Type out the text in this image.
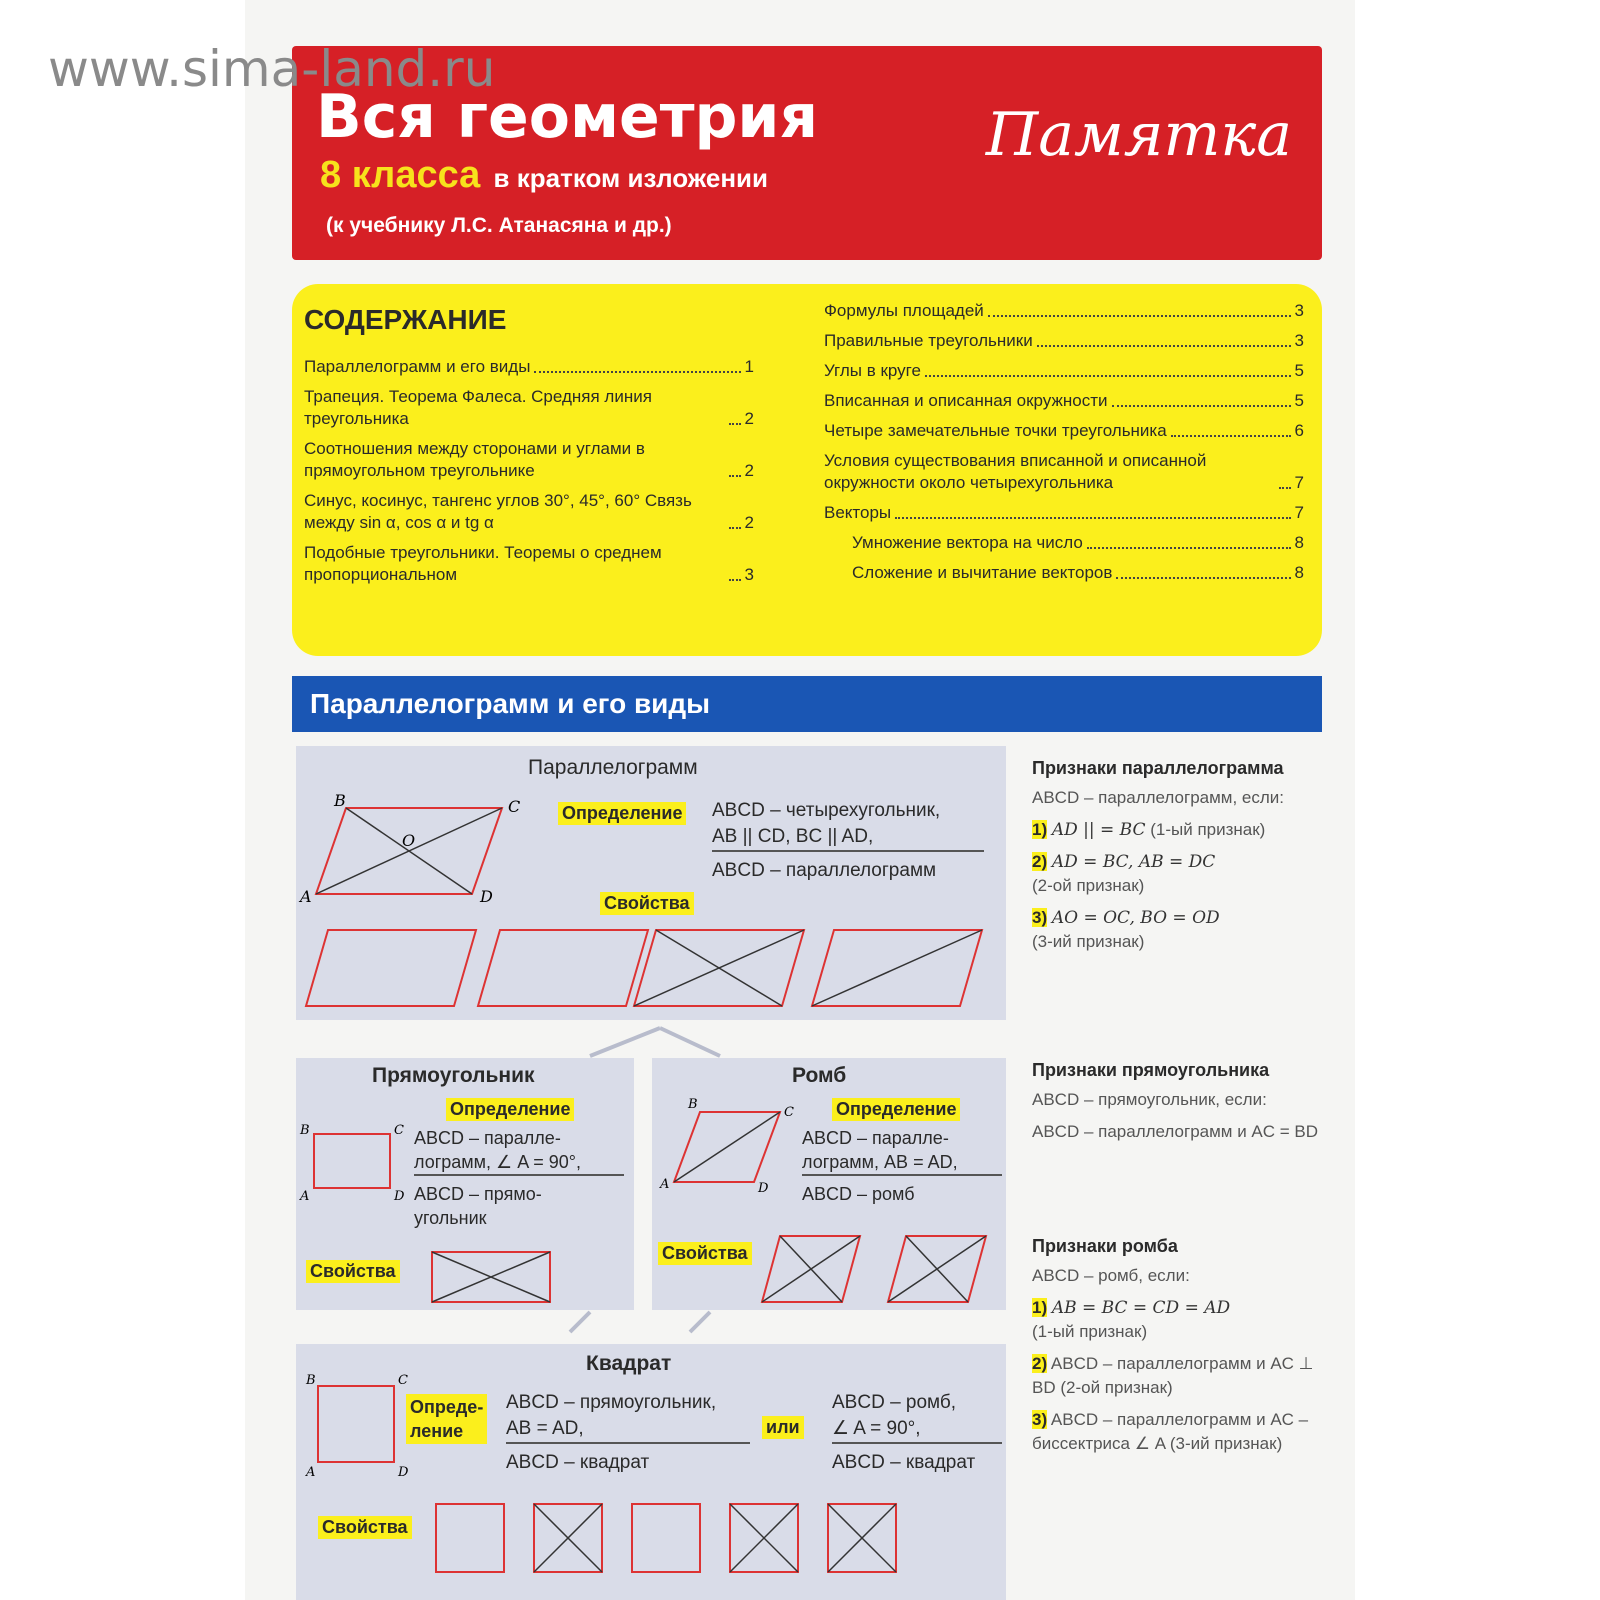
www.sima-land.ru
Вся геометрия
8 класса в кратком изложении
(к учебнику Л.С. Атанасяна и др.)
Памятка
СОДЕРЖАНИЕ
Параллелограмм и его виды	1
Трапеция. Теорема Фалеса. Средняя линия треугольника	2
Соотношения между сторонами и углами в прямоугольном треугольнике	2
Синус, косинус, тангенс углов 30°, 45°, 60° Связь между sin α, cos α и tg α	2
Подобные треугольники. Теоремы о среднем пропорциональном	3
Формулы площадей	3
Правильные треугольники	3
Углы в круге	5
Вписанная и описанная окружности	5
Четыре замечательные точки треугольника	6
Условия существования вписанной и описанной окружности около четырехугольника	7
Векторы	7
Умножение вектора на число	8
Сложение и вычитание векторов	8
Параллелограмм и его виды
Параллелограмм
B	C
A	D
O
Определение ABCD – четырехугольник,
AB || CD, BC || AD,
ABCD – параллелограмм
Свойства
Прямоугольник
B	C
A	D
Определение
ABCD – паралле-
лограмм, ∠ A = 90°,
ABCD – прямо-
угольник
Свойства
Ромб
B
C
A	D
Определение
ABCD – паралле-
лограмм, AB = AD,
ABCD – ромб
Свойства
Квадрат
B	C
A	D
Опреде-
ление
ABCD – прямоугольник,
AB = AD,
ABCD – квадрат
или
ABCD – ромб,
∠ A = 90°,
ABCD – квадрат
Свойства
Признаки параллелограмма

ABCD – параллелограмм, если:

1) AD || = BC (1-ый признак)

2) AD = BC, AB = DC
(2-ой признак)

3) AO = OC, BO = OD
(3-ий признак)

Признаки прямоугольника

ABCD – прямоугольник, если:

ABCD – параллелограмм и AC = BD

Признаки ромба

ABCD – ромб, если:

1) AB = BC = CD = AD
(1-ый признак)

2) ABCD – параллелограмм и AC ⊥ BD (2-ой признак)

3) ABCD – параллелограмм и AC – биссектриса ∠ A (3-ий признак)
